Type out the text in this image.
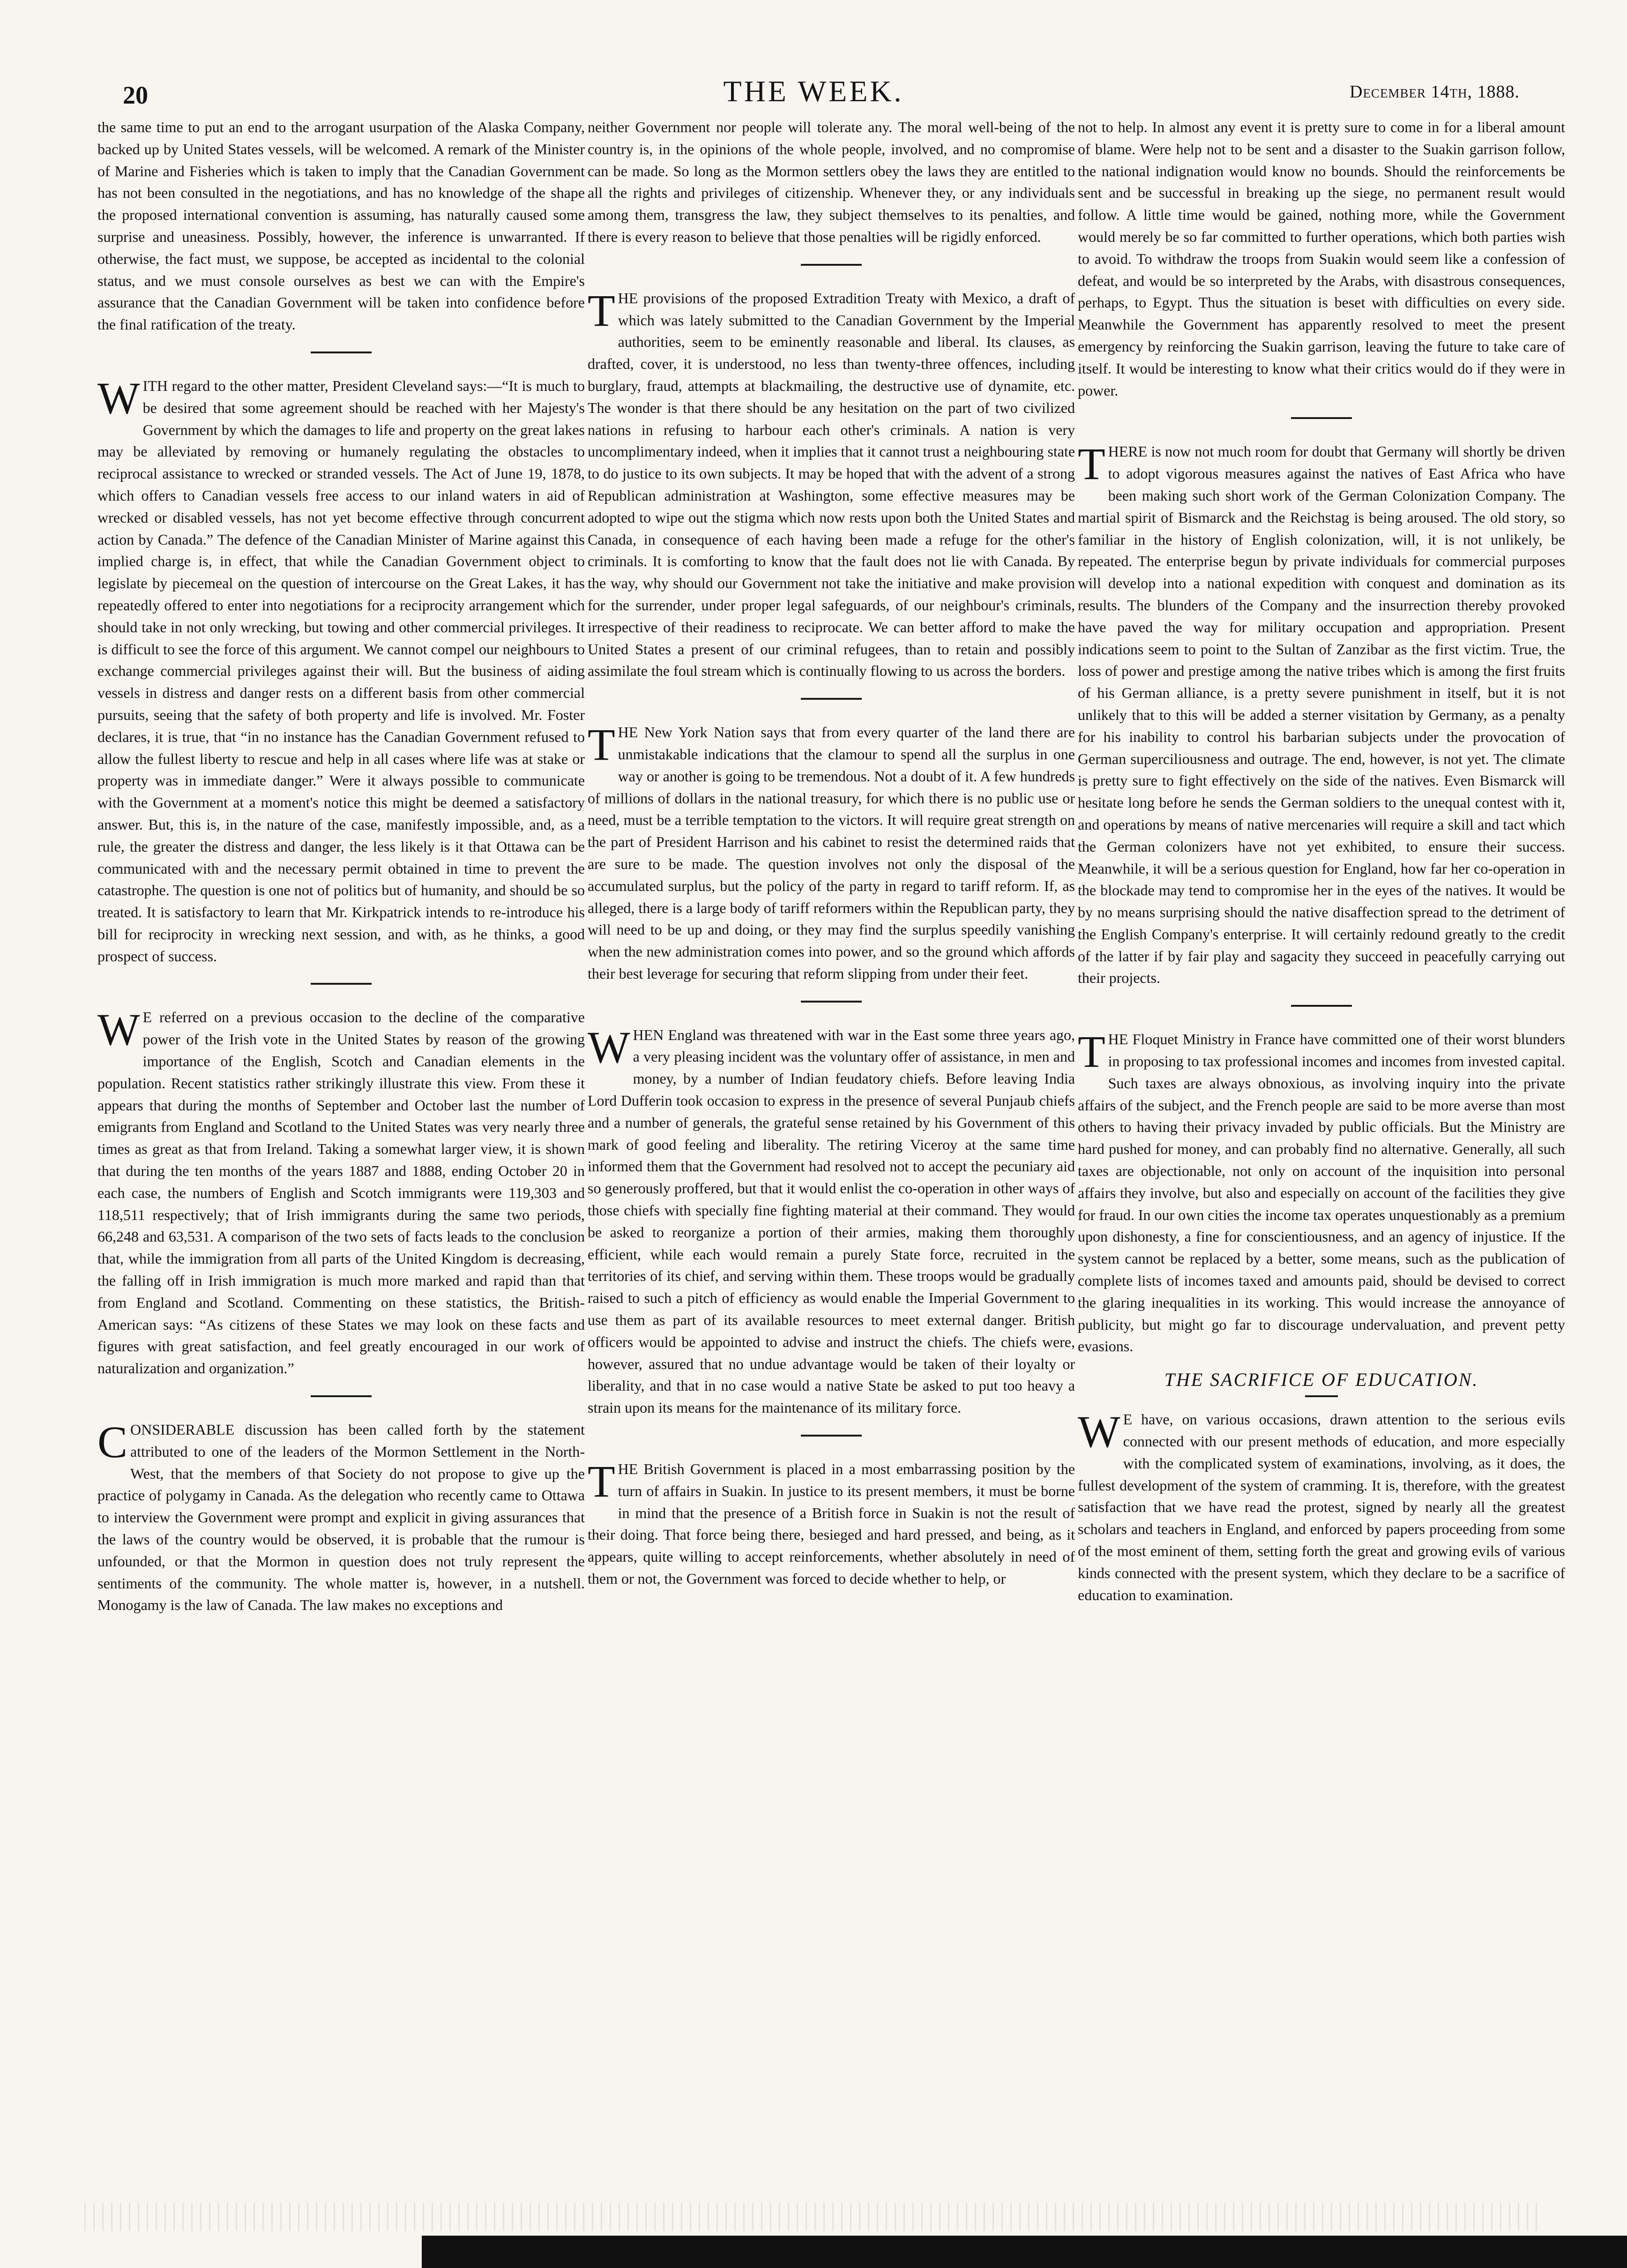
20	THE WEEK.	December 14th, 1888.

the same time to put an end to the arrogant usurpation of the Alaska Company, backed up by United States vessels, will be welcomed. A remark of the Minister of Marine and Fisheries which is taken to imply that the Canadian Government has not been consulted in the negotiations, and has no knowledge of the shape the proposed international convention is assuming, has naturally caused some surprise and uneasiness. Possibly, however, the inference is unwarranted. If otherwise, the fact must, we suppose, be accepted as incidental to the colonial status, and we must console ourselves as best we can with the Empire's assurance that the Canadian Government will be taken into confidence before the final ratification of the treaty.

WITH regard to the other matter, President Cleveland says:—“It is much to be desired that some agreement should be reached with her Majesty's Government by which the damages to life and property on the great lakes may be alleviated by removing or humanely regulating the obstacles to reciprocal assistance to wrecked or stranded vessels. The Act of June 19, 1878, which offers to Canadian vessels free access to our inland waters in aid of wrecked or disabled vessels, has not yet become effective through concurrent action by Canada.” The defence of the Canadian Minister of Marine against this implied charge is, in effect, that while the Canadian Government object to legislate by piecemeal on the question of intercourse on the Great Lakes, it has repeatedly offered to enter into negotiations for a reciprocity arrangement which should take in not only wrecking, but towing and other commercial privileges. It is difficult to see the force of this argument. We cannot compel our neighbours to exchange commercial privileges against their will. But the business of aiding vessels in distress and danger rests on a different basis from other commercial pursuits, seeing that the safety of both property and life is involved. Mr. Foster declares, it is true, that “in no instance has the Canadian Government refused to allow the fullest liberty to rescue and help in all cases where life was at stake or property was in immediate danger.” Were it always possible to communicate with the Government at a moment's notice this might be deemed a satisfactory answer. But, this is, in the nature of the case, manifestly impossible, and, as a rule, the greater the distress and danger, the less likely is it that Ottawa can be communicated with and the necessary permit obtained in time to prevent the catastrophe. The question is one not of politics but of humanity, and should be so treated. It is satisfactory to learn that Mr. Kirkpatrick intends to re-introduce his bill for reciprocity in wrecking next session, and with, as he thinks, a good prospect of success.

WE referred on a previous occasion to the decline of the comparative power of the Irish vote in the United States by reason of the growing importance of the English, Scotch and Canadian elements in the population. Recent statistics rather strikingly illustrate this view. From these it appears that during the months of September and October last the number of emigrants from England and Scotland to the United States was very nearly three times as great as that from Ireland. Taking a somewhat larger view, it is shown that during the ten months of the years 1887 and 1888, ending October 20 in each case, the numbers of English and Scotch immigrants were 119,303 and 118,511 respectively; that of Irish immigrants during the same two periods, 66,248 and 63,531. A comparison of the two sets of facts leads to the conclusion that, while the immigration from all parts of the United Kingdom is decreasing, the falling off in Irish immigration is much more marked and rapid than that from England and Scotland. Commenting on these statistics, the British-American says: “As citizens of these States we may look on these facts and figures with great satisfaction, and feel greatly encouraged in our work of naturalization and organization.”

CONSIDERABLE discussion has been called forth by the statement attributed to one of the leaders of the Mormon Settlement in the North-West, that the members of that Society do not propose to give up the practice of polygamy in Canada. As the delegation who recently came to Ottawa to interview the Government were prompt and explicit in giving assurances that the laws of the country would be observed, it is probable that the rumour is unfounded, or that the Mormon in question does not truly represent the sentiments of the community. The whole matter is, however, in a nutshell. Monogamy is the law of Canada. The law makes no exceptions and

neither Government nor people will tolerate any. The moral well-being of the country is, in the opinions of the whole people, involved, and no compromise can be made. So long as the Mormon settlers obey the laws they are entitled to all the rights and privileges of citizenship. Whenever they, or any individuals among them, transgress the law, they subject themselves to its penalties, and there is every reason to believe that those penalties will be rigidly enforced.

THE provisions of the proposed Extradition Treaty with Mexico, a draft of which was lately submitted to the Canadian Government by the Imperial authorities, seem to be eminently reasonable and liberal. Its clauses, as drafted, cover, it is understood, no less than twenty-three offences, including burglary, fraud, attempts at blackmailing, the destructive use of dynamite, etc. The wonder is that there should be any hesitation on the part of two civilized nations in refusing to harbour each other's criminals. A nation is very uncomplimentary indeed, when it implies that it cannot trust a neighbouring state to do justice to its own subjects. It may be hoped that with the advent of a strong Republican administration at Washington, some effective measures may be adopted to wipe out the stigma which now rests upon both the United States and Canada, in consequence of each having been made a refuge for the other's criminals. It is comforting to know that the fault does not lie with Canada. By the way, why should our Government not take the initiative and make provision for the surrender, under proper legal safeguards, of our neighbour's criminals, irrespective of their readiness to reciprocate. We can better afford to make the United States a present of our criminal refugees, than to retain and possibly assimilate the foul stream which is continually flowing to us across the borders.

THE New York Nation says that from every quarter of the land there are unmistakable indications that the clamour to spend all the surplus in one way or another is going to be tremendous. Not a doubt of it. A few hundreds of millions of dollars in the national treasury, for which there is no public use or need, must be a terrible temptation to the victors. It will require great strength on the part of President Harrison and his cabinet to resist the determined raids that are sure to be made. The question involves not only the disposal of the accumulated surplus, but the policy of the party in regard to tariff reform. If, as alleged, there is a large body of tariff reformers within the Republican party, they will need to be up and doing, or they may find the surplus speedily vanishing when the new administration comes into power, and so the ground which affords their best leverage for securing that reform slipping from under their feet.

WHEN England was threatened with war in the East some three years ago, a very pleasing incident was the voluntary offer of assistance, in men and money, by a number of Indian feudatory chiefs. Before leaving India Lord Dufferin took occasion to express in the presence of several Punjaub chiefs and a number of generals, the grateful sense retained by his Government of this mark of good feeling and liberality. The retiring Viceroy at the same time informed them that the Government had resolved not to accept the pecuniary aid so generously proffered, but that it would enlist the co-operation in other ways of those chiefs with specially fine fighting material at their command. They would be asked to reorganize a portion of their armies, making them thoroughly efficient, while each would remain a purely State force, recruited in the territories of its chief, and serving within them. These troops would be gradually raised to such a pitch of efficiency as would enable the Imperial Government to use them as part of its available resources to meet external danger. British officers would be appointed to advise and instruct the chiefs. The chiefs were, however, assured that no undue advantage would be taken of their loyalty or liberality, and that in no case would a native State be asked to put too heavy a strain upon its means for the maintenance of its military force.

THE British Government is placed in a most embarrassing position by the turn of affairs in Suakin. In justice to its present members, it must be borne in mind that the presence of a British force in Suakin is not the result of their doing. That force being there, besieged and hard pressed, and being, as it appears, quite willing to accept reinforcements, whether absolutely in need of them or not, the Government was forced to decide whether to help, or

not to help. In almost any event it is pretty sure to come in for a liberal amount of blame. Were help not to be sent and a disaster to the Suakin garrison follow, the national indignation would know no bounds. Should the reinforcements be sent and be successful in breaking up the siege, no permanent result would follow. A little time would be gained, nothing more, while the Government would merely be so far committed to further operations, which both parties wish to avoid. To withdraw the troops from Suakin would seem like a confession of defeat, and would be so interpreted by the Arabs, with disastrous consequences, perhaps, to Egypt. Thus the situation is beset with difficulties on every side. Meanwhile the Government has apparently resolved to meet the present emergency by reinforcing the Suakin garrison, leaving the future to take care of itself. It would be interesting to know what their critics would do if they were in power.

THERE is now not much room for doubt that Germany will shortly be driven to adopt vigorous measures against the natives of East Africa who have been making such short work of the German Colonization Company. The martial spirit of Bismarck and the Reichstag is being aroused. The old story, so familiar in the history of English colonization, will, it is not unlikely, be repeated. The enterprise begun by private individuals for commercial purposes will develop into a national expedition with conquest and domination as its results. The blunders of the Company and the insurrection thereby provoked have paved the way for military occupation and appropriation. Present indications seem to point to the Sultan of Zanzibar as the first victim. True, the loss of power and prestige among the native tribes which is among the first fruits of his German alliance, is a pretty severe punishment in itself, but it is not unlikely that to this will be added a sterner visitation by Germany, as a penalty for his inability to control his barbarian subjects under the provocation of German superciliousness and outrage. The end, however, is not yet. The climate is pretty sure to fight effectively on the side of the natives. Even Bismarck will hesitate long before he sends the German soldiers to the unequal contest with it, and operations by means of native mercenaries will require a skill and tact which the German colonizers have not yet exhibited, to ensure their success. Meanwhile, it will be a serious question for England, how far her co-operation in the blockade may tend to compromise her in the eyes of the natives. It would be by no means surprising should the native disaffection spread to the detriment of the English Company's enterprise. It will certainly redound greatly to the credit of the latter if by fair play and sagacity they succeed in peacefully carrying out their projects.

THE Floquet Ministry in France have committed one of their worst blunders in proposing to tax professional incomes and incomes from invested capital. Such taxes are always obnoxious, as involving inquiry into the private affairs of the subject, and the French people are said to be more averse than most others to having their privacy invaded by public officials. But the Ministry are hard pushed for money, and can probably find no alternative. Generally, all such taxes are objectionable, not only on account of the inquisition into personal affairs they involve, but also and especially on account of the facilities they give for fraud. In our own cities the income tax operates unquestionably as a premium upon dishonesty, a fine for conscientiousness, and an agency of injustice. If the system cannot be replaced by a better, some means, such as the publication of complete lists of incomes taxed and amounts paid, should be devised to correct the glaring inequalities in its working. This would increase the annoyance of publicity, but might go far to discourage undervaluation, and prevent petty evasions.

THE SACRIFICE OF EDUCATION.

WE have, on various occasions, drawn attention to the serious evils connected with our present methods of education, and more especially with the complicated system of examinations, involving, as it does, the fullest development of the system of cramming. It is, therefore, with the greatest satisfaction that we have read the protest, signed by nearly all the greatest scholars and teachers in England, and enforced by papers proceeding from some of the most eminent of them, setting forth the great and growing evils of various kinds connected with the present system, which they declare to be a sacrifice of education to examination.
